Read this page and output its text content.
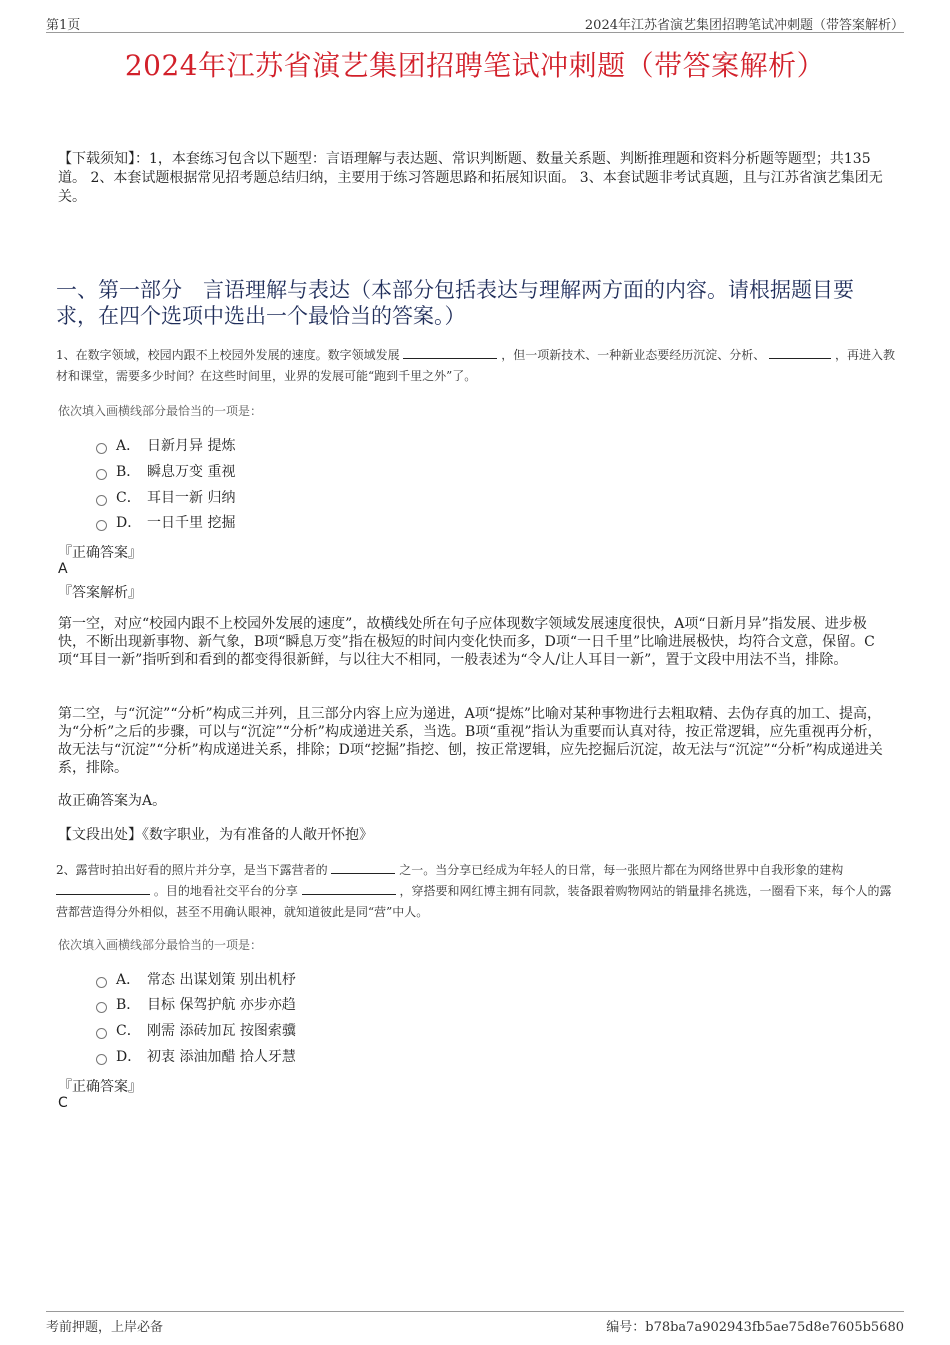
第1页	2024年江苏省演艺集团招聘笔试冲刺题（带答案解析）
2024年江苏省演艺集团招聘笔试冲刺题（带答案解析）
【下载须知】：1，本套练习包含以下题型：言语理解与表达题、常识判断题、数量关系题、判断推理题和资料分析题等题型；共135道。 2、本套试题根据常见招考题总结归纳，主要用于练习答题思路和拓展知识面。 3、本套试题非考试真题，且与江苏省演艺集团无关。
一、第一部分　言语理解与表达（本部分包括表达与理解两方面的内容。请根据题目要求，在四个选项中选出一个最恰当的答案。）
1、在数字领域，校园内跟不上校园外发展的速度。数字领域发展	，但一项新技术、一种新业态要经历沉淀、分析、	，再进入教材和课堂，需要多少时间？在这些时间里，业界的发展可能“跑到千里之外”了。
依次填入画横线部分最恰当的一项是：
A． 日新月异 提炼
B． 瞬息万变 重视
C． 耳目一新 归纳
D． 一日千里 挖掘
『正确答案』
A
『答案解析』
第一空，对应“校园内跟不上校园外发展的速度”，故横线处所在句子应体现数字领域发展速度很快，A项“日新月异”指发展、进步极快，不断出现新事物、新气象，B项“瞬息万变”指在极短的时间内变化快而多，D项“一日千里”比喻进展极快，均符合文意，保留。C项“耳目一新”指听到和看到的都变得很新鲜，与以往大不相同，一般表述为“令人/让人耳目一新”，置于文段中用法不当，排除。
第二空，与“沉淀”“分析”构成三并列，且三部分内容上应为递进，A项“提炼”比喻对某种事物进行去粗取精、去伪存真的加工、提高，为“分析”之后的步骤，可以与“沉淀”“分析”构成递进关系，当选。B项“重视”指认为重要而认真对待，按正常逻辑，应先重视再分析，故无法与“沉淀”“分析”构成递进关系，排除；D项“挖掘”指挖、刨，按正常逻辑，应先挖掘后沉淀，故无法与“沉淀”“分析”构成递进关系，排除。
故正确答案为A。
【文段出处】《数字职业，为有准备的人敞开怀抱》
2、露营时拍出好看的照片并分享，是当下露营者的	之一。当分享已经成为年轻人的日常，每一张照片都在为网络世界中自我形象的建构  。目的地看社交平台的分享	，穿搭要和网红博主拥有同款，装备跟着购物网站的销量排名挑选，一圈看下来，每个人的露营都营造得分外相似，甚至不用确认眼神，就知道彼此是同“营”中人。
依次填入画横线部分最恰当的一项是：
A． 常态 出谋划策 别出机杼
B． 目标 保驾护航 亦步亦趋
C． 刚需 添砖加瓦 按图索骥
D． 初衷 添油加醋 拾人牙慧
『正确答案』
C
考前押题，上岸必备	编号：b78ba7a902943fb5ae75d8e7605b5680
